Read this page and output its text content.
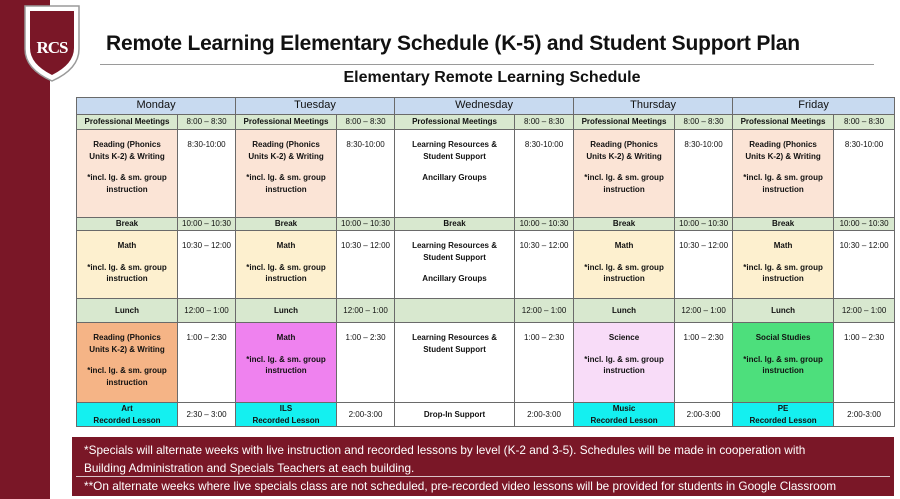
RCS Remote Learning Elementary Schedule (K-5) and Student Support Plan
Elementary Remote Learning Schedule
Monday		Tuesday		Wednesday		Thursday		Friday	
Professional Meetings	8:00 – 8:30	Professional Meetings	8:00 – 8:30	Professional Meetings	8:00 – 8:30	Professional Meetings	8:00 – 8:30	Professional Meetings	8:00 – 8:30
Reading (Phonics
Units K-2) & Writing
*incl. lg. & sm. group
instruction	8:30-10:00	Reading (Phonics
Units K-2) & Writing
*incl. lg. & sm. group
instruction	8:30-10:00	Learning Resources &
Student Support
Ancillary Groups	8:30-10:00	Reading (Phonics
Units K-2) & Writing
*incl. lg. & sm. group
instruction	8:30-10:00	Reading (Phonics
Units K-2) & Writing
*incl. lg. & sm. group
instruction	8:30-10:00
Break	10:00 – 10:30	Break	10:00 – 10:30	Break	10:00 – 10:30	Break	10:00 – 10:30	Break	10:00 – 10:30
Math
*incl. lg. & sm. group
instruction	10:30 – 12:00	Math
*incl. lg. & sm. group
instruction	10:30 – 12:00	Learning Resources &
Student Support
Ancillary Groups	10:30 – 12:00	Math
*incl. lg. & sm. group
instruction	10:30 – 12:00	Math
*incl. lg. & sm. group
instruction	10:30 – 12:00
Lunch	12:00 – 1:00	Lunch	12:00 – 1:00		12:00 – 1:00	Lunch	12:00 – 1:00	Lunch	12:00 – 1:00
Reading (Phonics
Units K-2) & Writing
*incl. lg. & sm. group
instruction	1:00 – 2:30	Math
*incl. lg. & sm. group
instruction	1:00 – 2:30	Learning Resources &
Student Support	1:00 – 2:30	Science
*incl. lg. & sm. group
instruction	1:00 – 2:30	Social Studies
*incl. lg. & sm. group
instruction	1:00 – 2:30
Art
Recorded Lesson	2:30 – 3:00	ILS
Recorded Lesson	2:00-3:00	Drop-In Support	2:00-3:00	Music
Recorded Lesson	2:00-3:00	PE
Recorded Lesson	2:00-3:00
*Specials will alternate weeks with live instruction and recorded lessons by level (K-2 and 3-5). Schedules will be made in cooperation with
Building Administration and Specials Teachers at each building.
**On alternate weeks where live specials class are not scheduled, pre-recorded video lessons will be provided for students in Google Classroom
